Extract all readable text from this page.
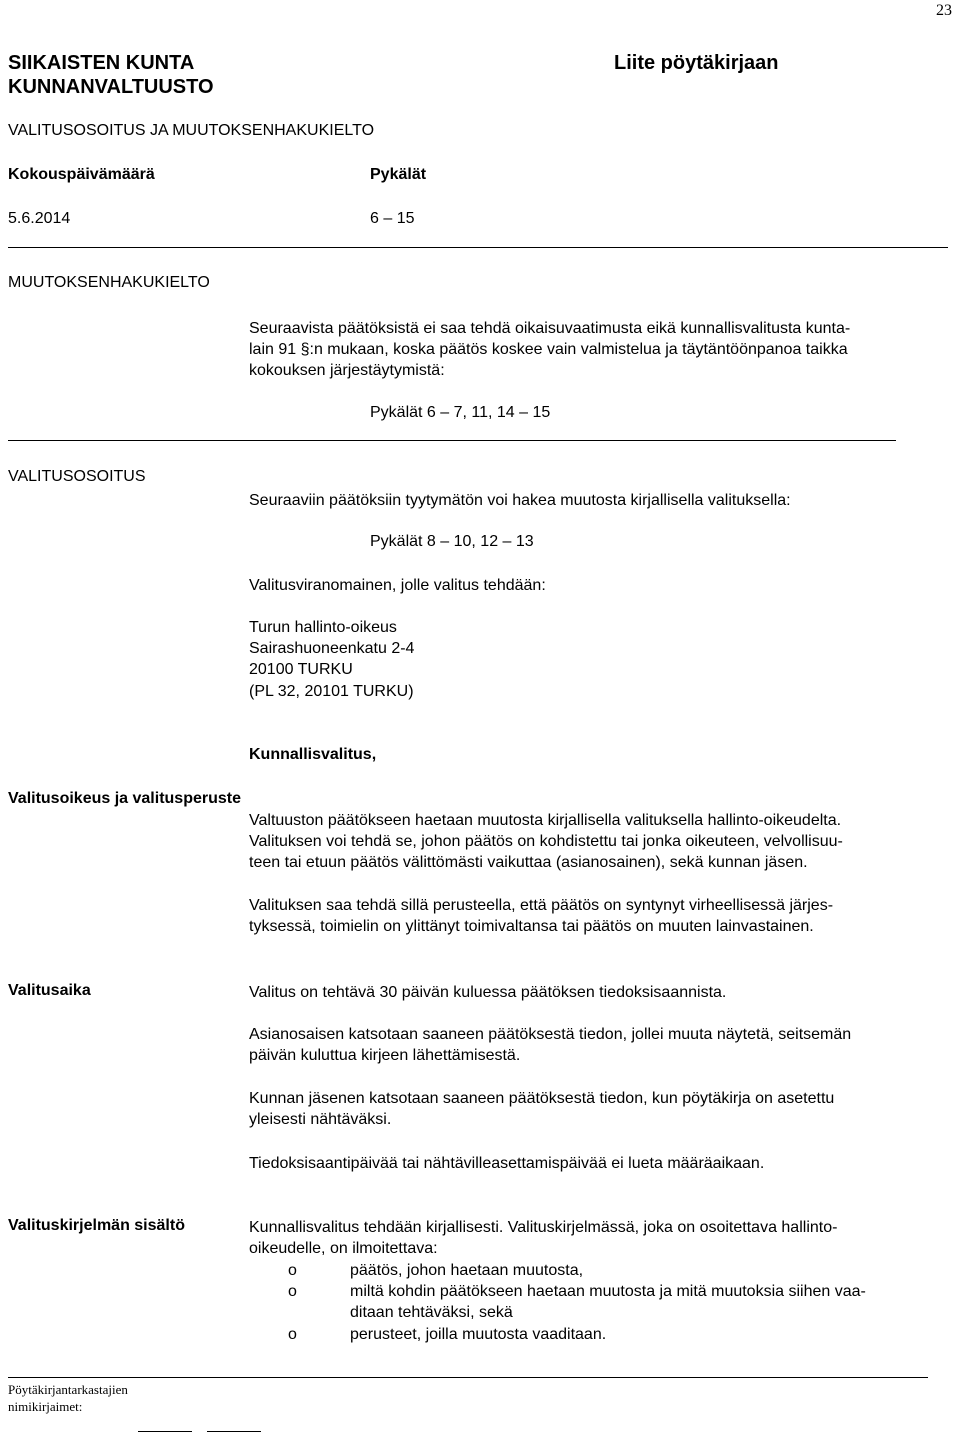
23
SIIKAISTEN KUNTA
KUNNANVALTUUSTO
Liite pöytäkirjaan
VALITUSOSOITUS JA MUUTOKSENHAKUKIELTO
Kokouspäivämäärä	Pykälät
5.6.2014	6 – 15
MUUTOKSENHAKUKIELTO
Seuraavista päätöksistä ei saa tehdä oikaisuvaatimusta eikä kunnallisvalitusta kunta-
lain 91 §:n mukaan, koska päätös koskee vain valmistelua ja täytäntöönpanoa taikka
kokouksen järjestäytymistä:
Pykälät 6 – 7, 11, 14 – 15
VALITUSOSOITUS
Seuraaviin päätöksiin tyytymätön voi hakea muutosta kirjallisella valituksella:
Pykälät 8 – 10, 12 – 13
Valitusviranomainen, jolle valitus tehdään:
Turun hallinto-oikeus
Sairashuoneenkatu 2-4
20100 TURKU
(PL 32, 20101 TURKU)
Kunnallisvalitus,
Valitusoikeus ja valitusperuste
Valtuuston päätökseen haetaan muutosta kirjallisella valituksella hallinto-oikeudelta.
Valituksen voi tehdä se, johon päätös on kohdistettu tai jonka oikeuteen, velvollisuu-
teen tai etuun päätös välittömästi vaikuttaa (asianosainen), sekä kunnan jäsen.
Valituksen saa tehdä sillä perusteella, että päätös on syntynyt virheellisessä järjes-
tyksessä, toimielin on ylittänyt toimivaltansa tai päätös on muuten lainvastainen.
Valitusaika	Valitus on tehtävä 30 päivän kuluessa päätöksen tiedoksisaannista.
Asianosaisen katsotaan saaneen päätöksestä tiedon, jollei muuta näytetä, seitsemän
päivän kuluttua kirjeen lähettämisestä.
Kunnan jäsenen katsotaan saaneen päätöksestä tiedon, kun pöytäkirja on asetettu
yleisesti nähtäväksi.
Tiedoksisaantipäivää tai nähtävilleasettamispäivää ei lueta määräaikaan.
Valituskirjelmän sisältö	Kunnallisvalitus tehdään kirjallisesti. Valituskirjelmässä, joka on osoitettava hallinto-
oikeudelle, on ilmoitettava:
o	päätös, johon haetaan muutosta,
o	miltä kohdin päätökseen haetaan muutosta ja mitä muutoksia siihen vaa-
ditaan tehtäväksi, sekä
o	perusteet, joilla muutosta vaaditaan.
Pöytäkirjantarkastajien
nimikirjaimet:
